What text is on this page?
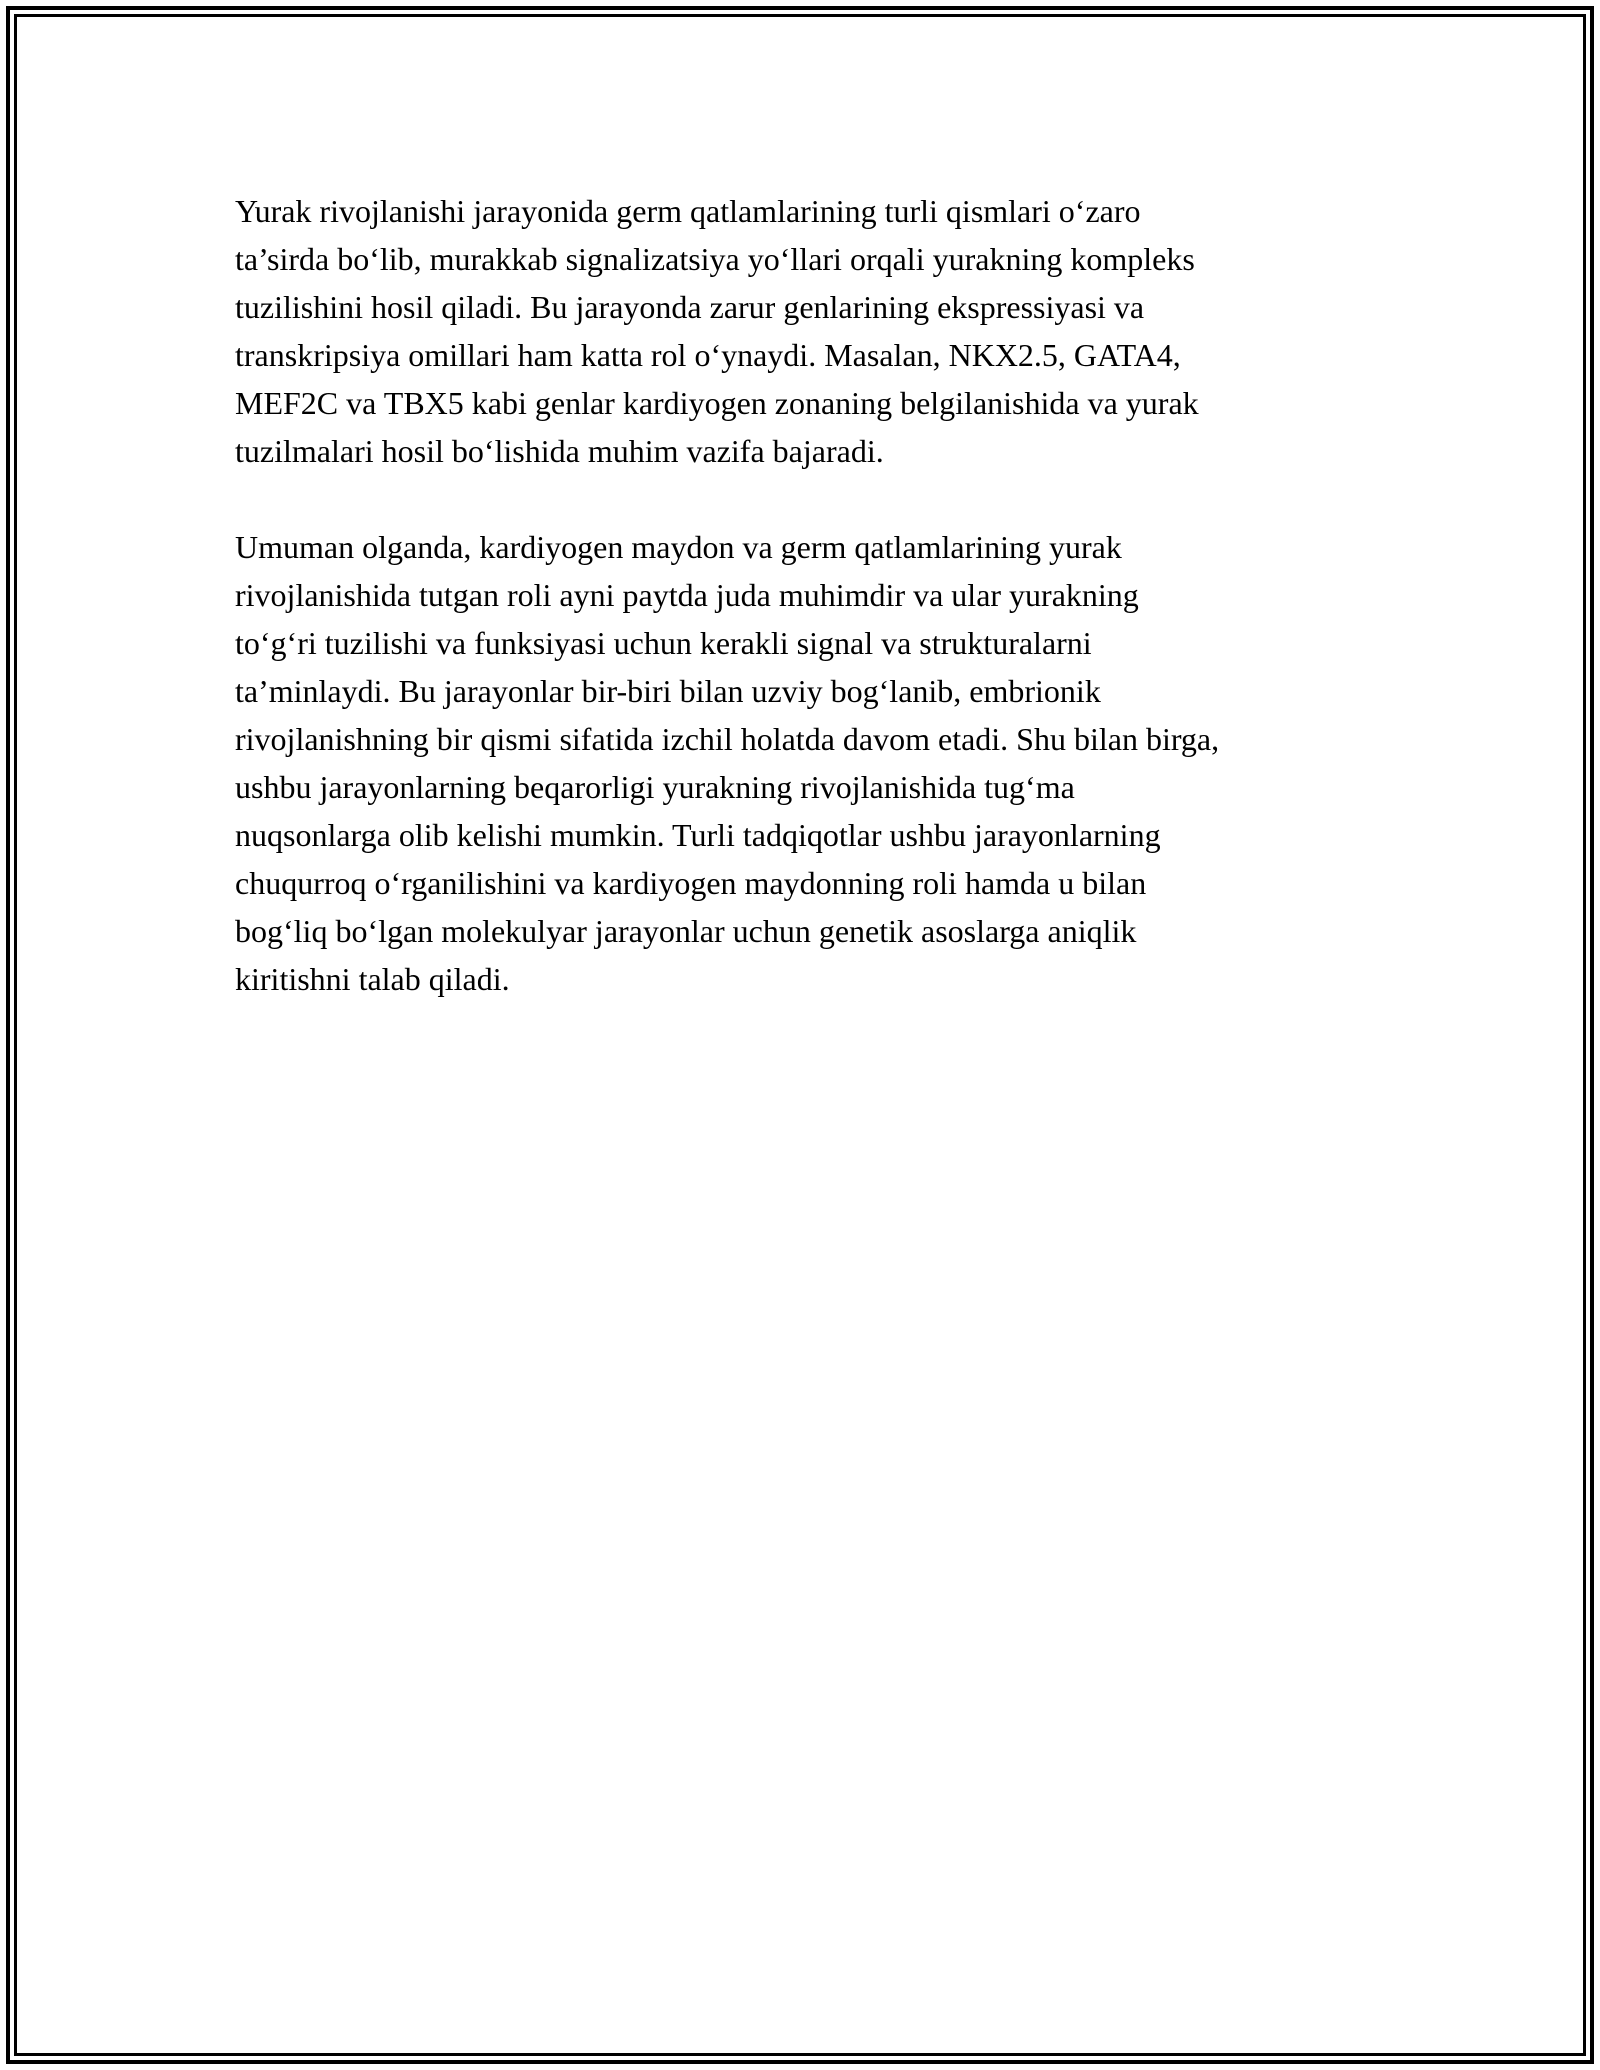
Yurak rivojlanishi jarayonida germ qatlamlarining turli qismlari o‘zaro
ta’sirda bo‘lib, murakkab signalizatsiya yo‘llari orqali yurakning kompleks
tuzilishini hosil qiladi. Bu jarayonda zarur genlarining ekspressiyasi va
transkripsiya omillari ham katta rol o‘ynaydi. Masalan, NKX2.5, GATA4,
MEF2C va TBX5 kabi genlar kardiyogen zonaning belgilanishida va yurak
tuzilmalari hosil bo‘lishida muhim vazifa bajaradi.
Umuman olganda, kardiyogen maydon va germ qatlamlarining yurak
rivojlanishida tutgan roli ayni paytda juda muhimdir va ular yurakning
to‘g‘ri tuzilishi va funksiyasi uchun kerakli signal va strukturalarni
ta’minlaydi. Bu jarayonlar bir-biri bilan uzviy bog‘lanib, embrionik
rivojlanishning bir qismi sifatida izchil holatda davom etadi. Shu bilan birga,
ushbu jarayonlarning beqarorligi yurakning rivojlanishida tug‘ma
nuqsonlarga olib kelishi mumkin. Turli tadqiqotlar ushbu jarayonlarning
chuqurroq o‘rganilishini va kardiyogen maydonning roli hamda u bilan
bog‘liq bo‘lgan molekulyar jarayonlar uchun genetik asoslarga aniqlik
kiritishni talab qiladi.
